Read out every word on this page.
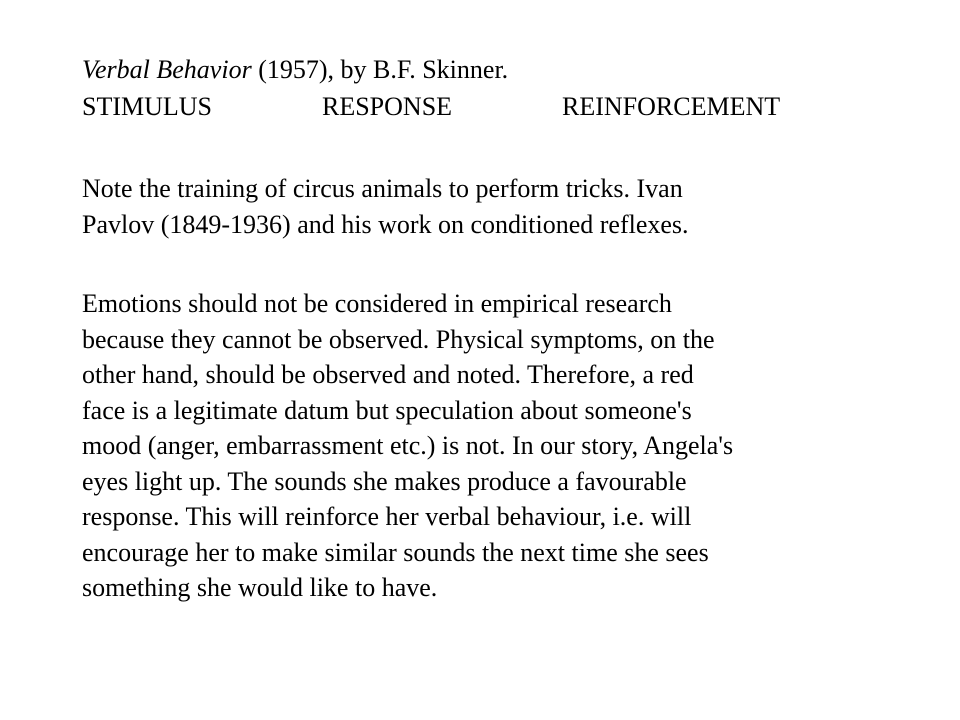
Verbal Behavior (1957), by B.F. Skinner.
STIMULUS	RESPONSE	REINFORCEMENT
Note the training of circus animals to perform tricks. Ivan
Pavlov (1849-1936) and his work on conditioned reflexes.
Emotions should not be considered in empirical research
because they cannot be observed. Physical symptoms, on the
other hand, should be observed and noted. Therefore, a red
face is a legitimate datum but speculation about someone's
mood (anger, embarrassment etc.) is not. In our story, Angela's
eyes light up. The sounds she makes produce a favourable
response. This will reinforce her verbal behaviour, i.e. will
encourage her to make similar sounds the next time she sees
something she would like to have.
